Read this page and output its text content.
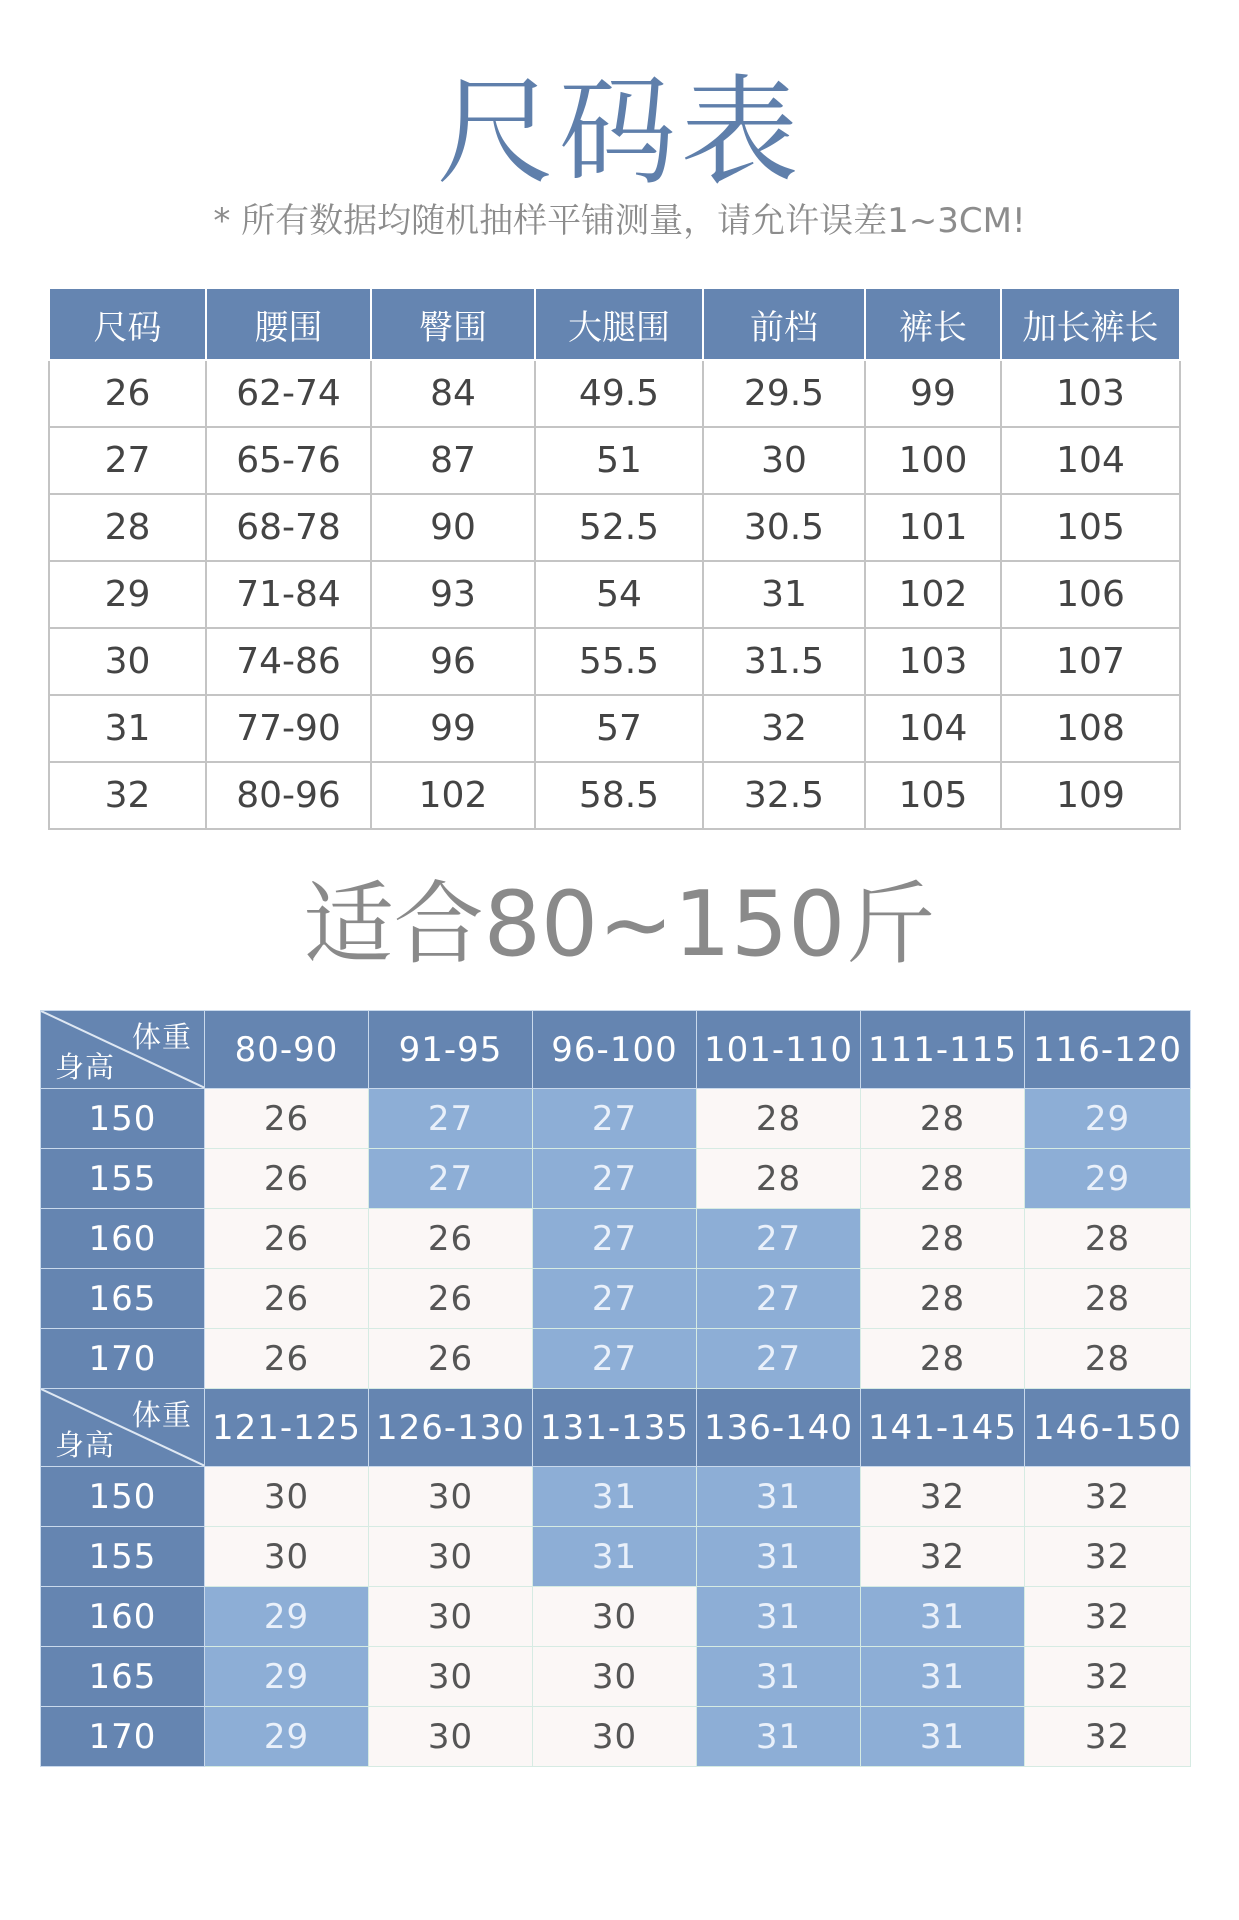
尺码表
* 所有数据均随机抽样平铺测量，请允许误差1~3CM!
尺码	腰围	臀围	大腿围	前档	裤长	加长裤长
26	62-74	84	49.5	29.5	99	103
27	65-76	87	51	30	100	104
28	68-78	90	52.5	30.5	101	105
29	71-84	93	54	31	102	106
30	74-86	96	55.5	31.5	103	107
31	77-90	99	57	32	104	108
32	80-96	102	58.5	32.5	105	109
适合80~150斤
体重
身高	80-90	91-95	96-100	101-110	111-115	116-120
150	26	27	27	28	28	29
155	26	27	27	28	28	29
160	26	26	27	27	28	28
165	26	26	27	27	28	28
170	26	26	27	27	28	28

体重
身高	121-125	126-130	131-135	136-140	141-145	146-150
150	30	30	31	31	32	32
155	30	30	31	31	32	32
160	29	30	30	31	31	32
165	29	30	30	31	31	32
170	29	30	30	31	31	32
